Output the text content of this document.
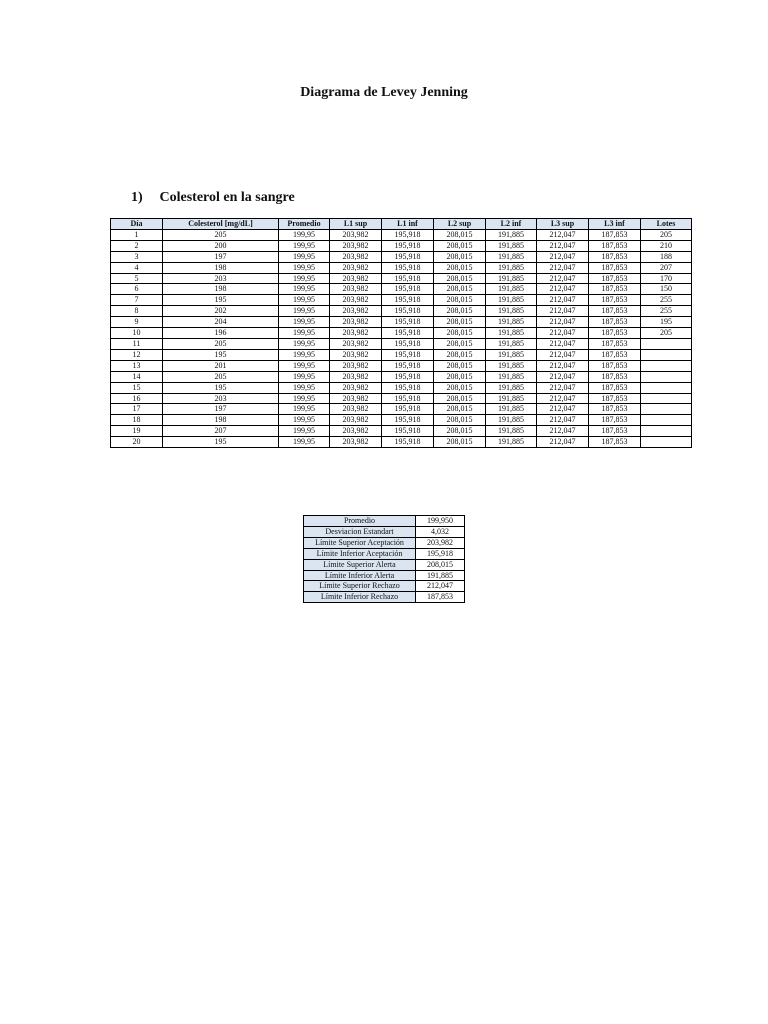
Diagrama de Levey Jenning
1) Colesterol en la sangre
Día	Colesterol [mg/dL]	Promedio	L1 sup	L1 inf	L2 sup	L2 inf	L3 sup	L3 inf	Lotes
1	205	199,95	203,982	195,918	208,015	191,885	212,047	187,853	205
2	200	199,95	203,982	195,918	208,015	191,885	212,047	187,853	210
3	197	199,95	203,982	195,918	208,015	191,885	212,047	187,853	188
4	198	199,95	203,982	195,918	208,015	191,885	212,047	187,853	207
5	203	199,95	203,982	195,918	208,015	191,885	212,047	187,853	170
6	198	199,95	203,982	195,918	208,015	191,885	212,047	187,853	150
7	195	199,95	203,982	195,918	208,015	191,885	212,047	187,853	255
8	202	199,95	203,982	195,918	208,015	191,885	212,047	187,853	255
9	204	199,95	203,982	195,918	208,015	191,885	212,047	187,853	195
10	196	199,95	203,982	195,918	208,015	191,885	212,047	187,853	205
11	205	199,95	203,982	195,918	208,015	191,885	212,047	187,853	
12	195	199,95	203,982	195,918	208,015	191,885	212,047	187,853	
13	201	199,95	203,982	195,918	208,015	191,885	212,047	187,853	
14	205	199,95	203,982	195,918	208,015	191,885	212,047	187,853	
15	195	199,95	203,982	195,918	208,015	191,885	212,047	187,853	
16	203	199,95	203,982	195,918	208,015	191,885	212,047	187,853	
17	197	199,95	203,982	195,918	208,015	191,885	212,047	187,853	
18	198	199,95	203,982	195,918	208,015	191,885	212,047	187,853	
19	207	199,95	203,982	195,918	208,015	191,885	212,047	187,853	
20	195	199,95	203,982	195,918	208,015	191,885	212,047	187,853	
Promedio	199,950
Desviacion Estandart	4,032
Límite Superior Aceptación	203,982
Límite Inferior Aceptación	195,918
Límite Superior Alerta	208,015
Límite Inferior Alerta	191,885
Límite Superior Rechazo	212,047
Límite Inferior Rechazo	187,853
